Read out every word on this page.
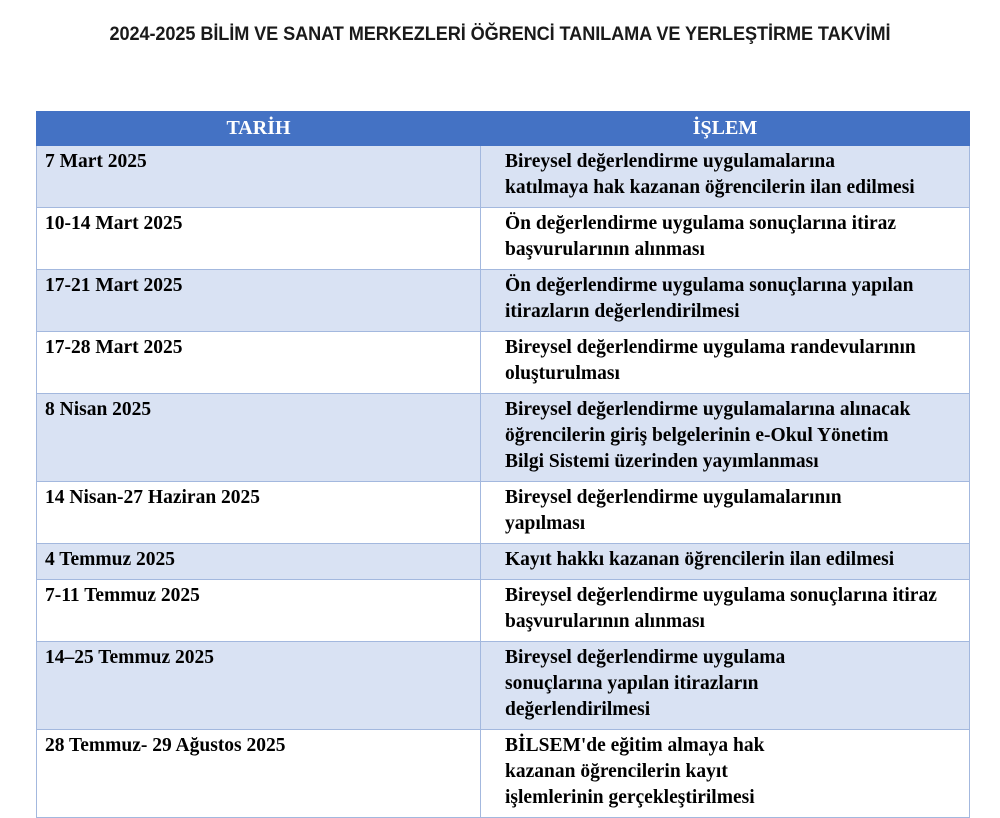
2024-2025 BİLİM VE SANAT MERKEZLERİ ÖĞRENCİ TANILAMA VE YERLEŞTİRME TAKVİMİ
TARİH	İŞLEM
7 Mart 2025	Bireysel değerlendirme uygulamalarına
katılmaya hak kazanan öğrencilerin ilan edilmesi

10-14 Mart 2025	Ön değerlendirme uygulama sonuçlarına itiraz
başvurularının alınması

17-21 Mart 2025	Ön değerlendirme uygulama sonuçlarına yapılan
itirazların değerlendirilmesi

17-28 Mart 2025	Bireysel değerlendirme uygulama randevularının
oluşturulması

8 Nisan 2025	Bireysel değerlendirme uygulamalarına alınacak
öğrencilerin giriş belgelerinin e-Okul Yönetim
Bilgi Sistemi üzerinden yayımlanması

14 Nisan-27 Haziran 2025	Bireysel değerlendirme uygulamalarının
yapılması

4 Temmuz 2025	Kayıt hakkı kazanan öğrencilerin ilan edilmesi

7-11 Temmuz 2025	Bireysel değerlendirme uygulama sonuçlarına itiraz
başvurularının alınması

14–25 Temmuz 2025	Bireysel değerlendirme uygulama
sonuçlarına yapılan itirazların
değerlendirilmesi

28 Temmuz- 29 Ağustos 2025	BİLSEM'de eğitim almaya hak
kazanan öğrencilerin kayıt
işlemlerinin gerçekleştirilmesi
